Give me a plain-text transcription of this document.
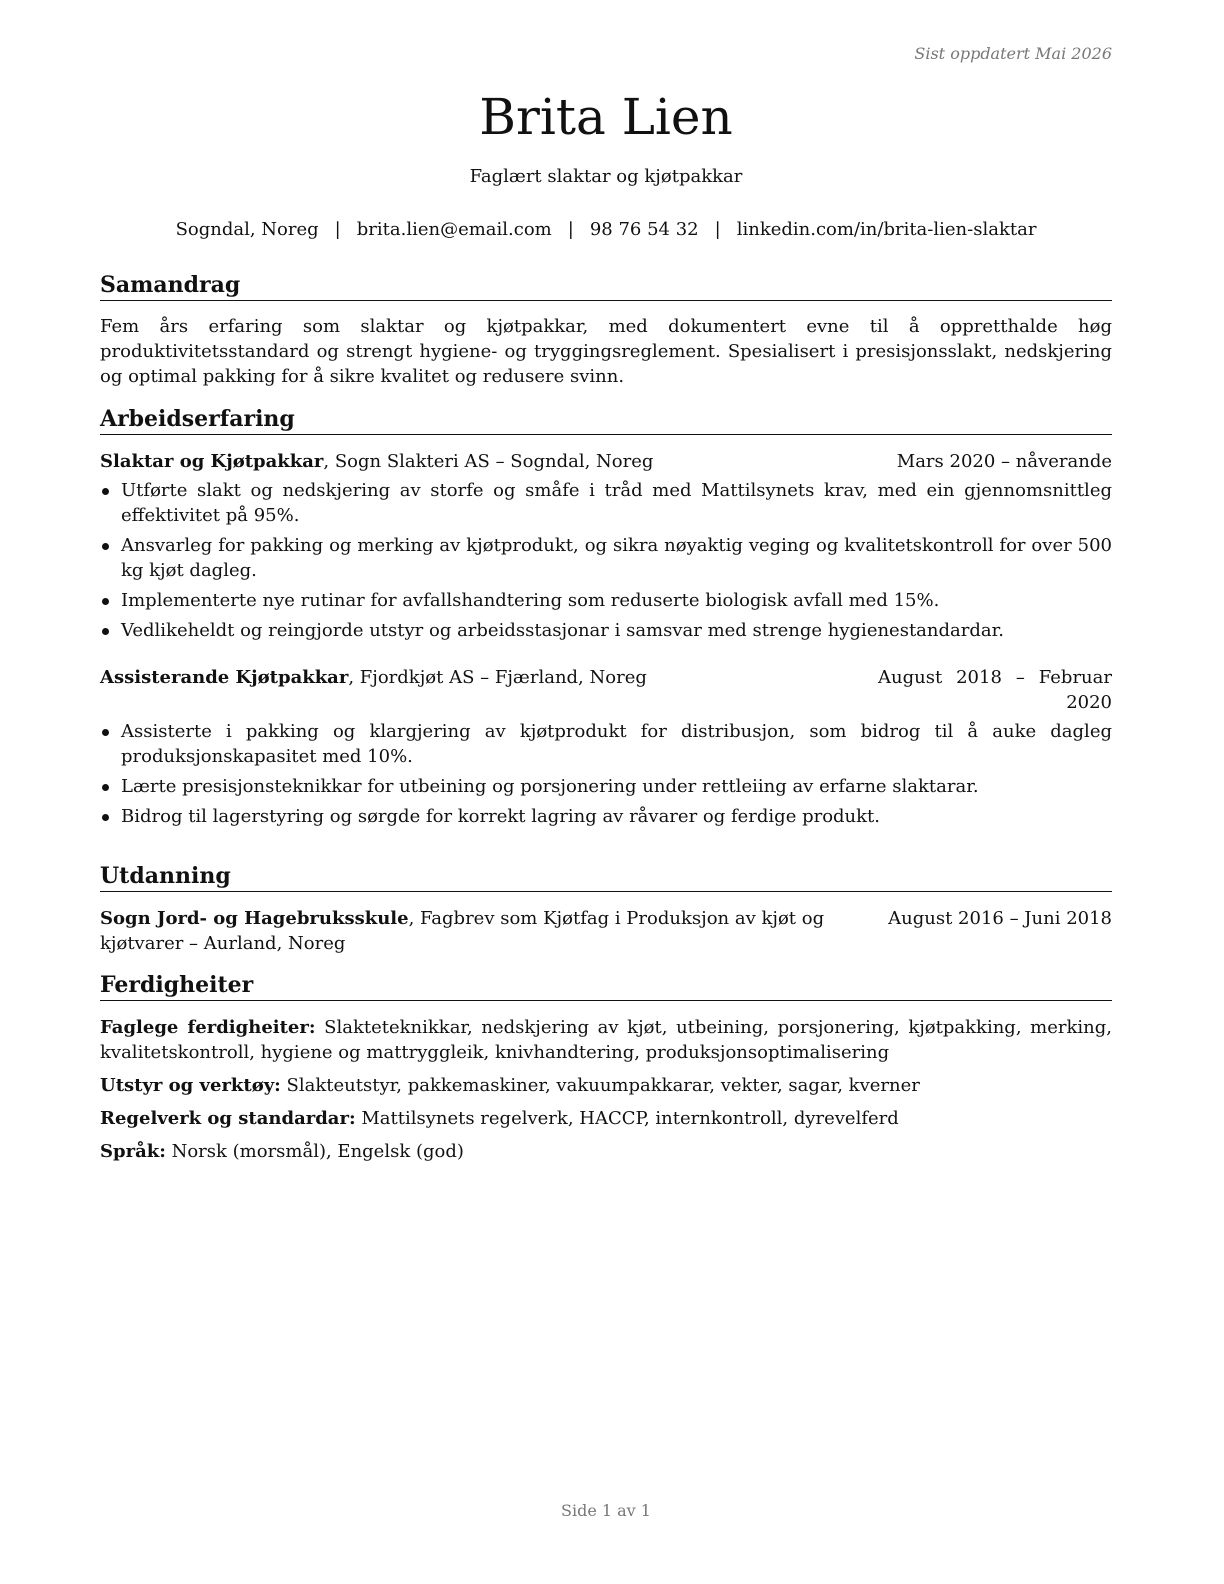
Sist oppdatert Mai 2026
Brita Lien
Faglært slaktar og kjøtpakkar
Sogndal, Noreg | brita.lien@email.com | 98 76 54 32 | linkedin.com/in/brita-lien-slaktar
Samandrag
Fem års erfaring som slaktar og kjøtpakkar, med dokumentert evne til å oppretthalde høg produktivitetsstandard og strengt hygiene- og tryggingsreglement. Spesialisert i presisjonsslakt, nedskjering og optimal pakking for å sikre kvalitet og redusere svinn.
Arbeidserfaring
Slaktar og Kjøtpakkar, Sogn Slakteri AS – Sogndal, Noreg	Mars 2020 – nåverande
Utførte slakt og nedskjering av storfe og småfe i tråd med Mattilsynets krav, med ein gjennomsnittleg effektivitet på 95%.
Ansvarleg for pakking og merking av kjøtprodukt, og sikra nøyaktig veging og kvalitetskontroll for over 500 kg kjøt dagleg.
Implementerte nye rutinar for avfallshandtering som reduserte biologisk avfall med 15%.
Vedlikeheldt og reingjorde utstyr og arbeidsstasjonar i samsvar med strenge hygienestandardar.
Assisterande Kjøtpakkar, Fjordkjøt AS – Fjærland, Noreg	August 2018 – Februar 2020
Assisterte i pakking og klargjering av kjøtprodukt for distribusjon, som bidrog til å auke dagleg produksjonskapasitet med 10%.
Lærte presisjonsteknikkar for utbeining og porsjonering under rettleiing av erfarne slaktarar.
Bidrog til lagerstyring og sørgde for korrekt lagring av råvarer og ferdige produkt.
Utdanning
Sogn Jord- og Hagebruksskule, Fagbrev som Kjøtfag i Produksjon av kjøt og kjøtvarer – Aurland, Noreg
August 2016 – Juni 2018
Ferdigheiter
Faglege ferdigheiter: Slakteteknikkar, nedskjering av kjøt, utbeining, porsjonering, kjøtpakking, merking, kvalitetskontroll, hygiene og mattryggleik, knivhandtering, produksjonsoptimalisering
Utstyr og verktøy: Slakteutstyr, pakkemaskiner, vakuumpakkarar, vekter, sagar, kverner
Regelverk og standardar: Mattilsynets regelverk, HACCP, internkontroll, dyrevelferd
Språk: Norsk (morsmål), Engelsk (god)
Side 1 av 1
